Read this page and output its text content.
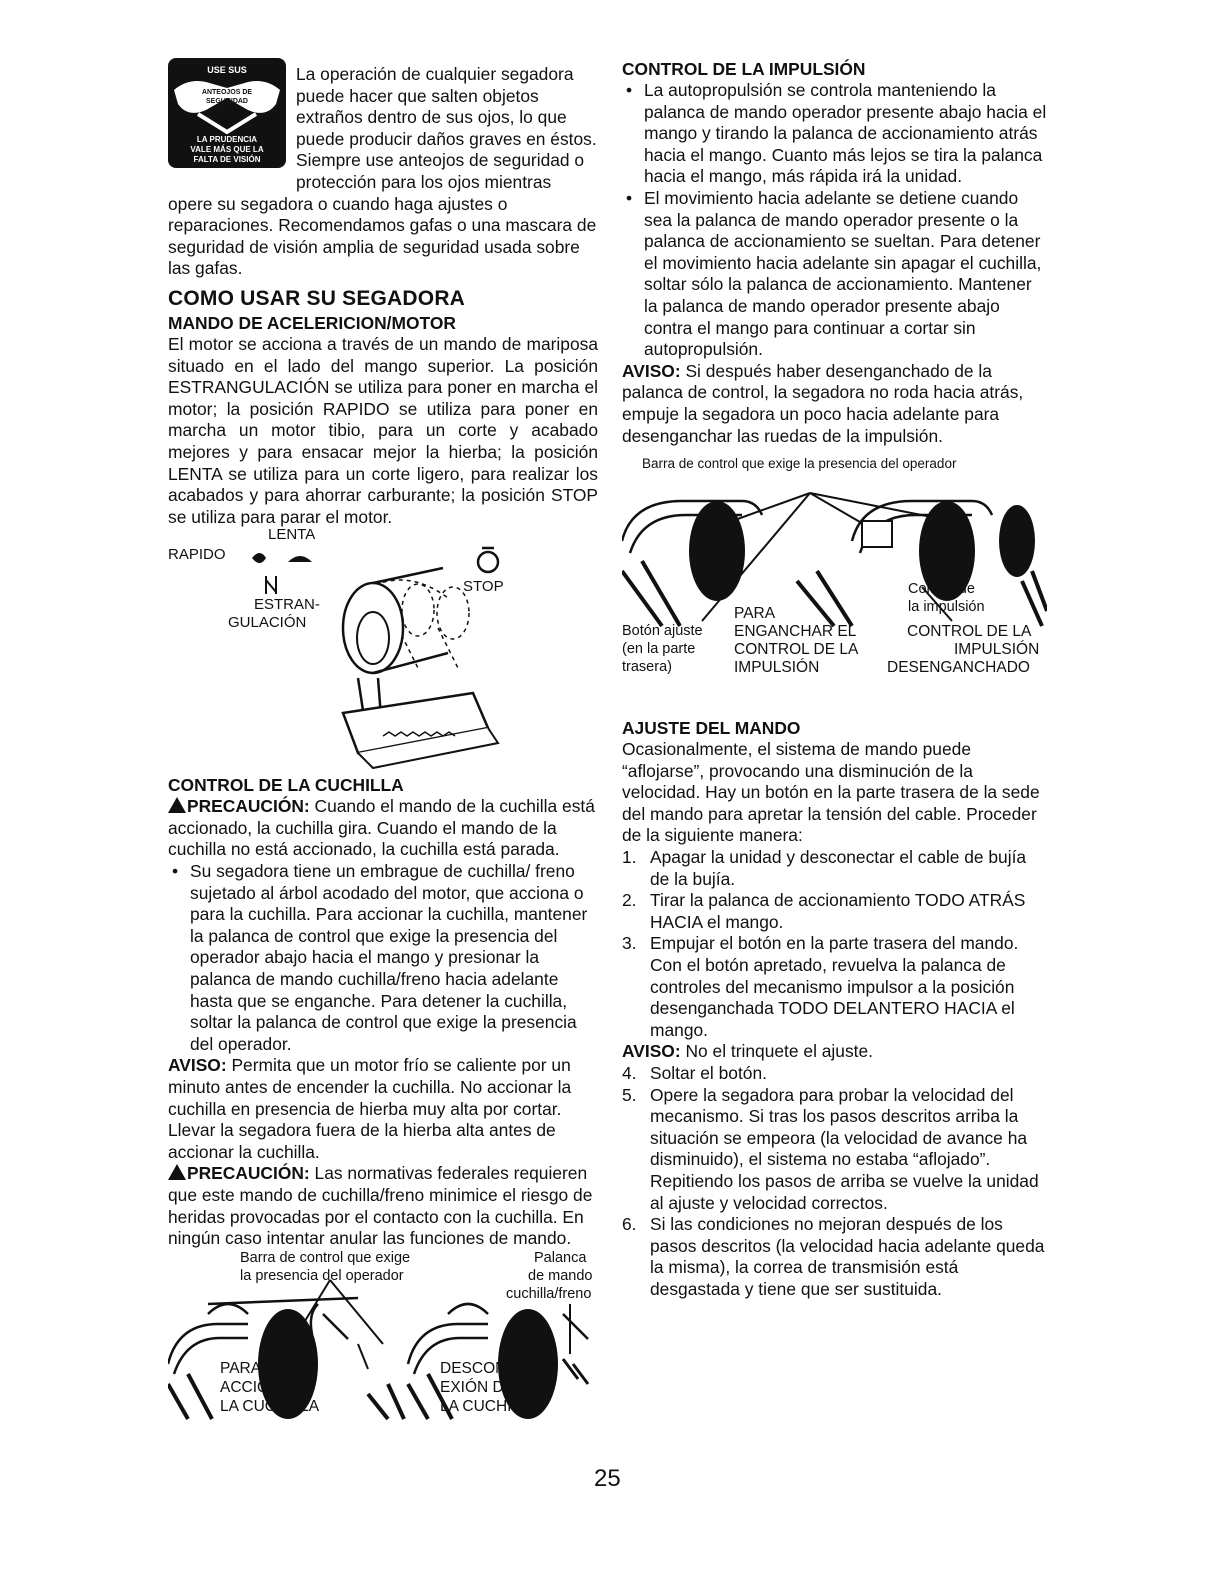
USE SUS
ANTEOJOS DE
SEGURIDAD
LA PRUDENCIA
VALE MÁS QUE LA
FALTA DE VISIÓN

La operación de cualquier segadora puede hacer que salten objetos extraños dentro de sus ojos, lo que puede producir daños graves en éstos. Siempre use anteojos de seguridad o protección para los ojos mientras opere su segadora o cuando haga ajustes o reparaciones. Recomendamos gafas o una mascara de seguridad de visión amplia de seguridad usada sobre las gafas.

COMO USAR SU SEGADORA
MANDO DE ACELERICION/MOTOR

El motor se acciona a través de un mando de mariposa situado en el lado del mango superior. La posición ESTRANGULACIÓN se utiliza para poner en marcha el motor; la posición RAPIDO se utiliza para poner en marcha un motor tibio, para un corte y acabado mejores y para ensacar mejor la hierba; la posición LENTA se utiliza para un corte ligero, para realizar los acabados y para ahorrar carburante; la posición STOP se utiliza para parar el motor.

LENTA
RAPIDO
STOP
ESTRAN-
GULACIÓN
CONTROL DE LA CUCHILLA

PRECAUCIÓN: Cuando el mando de la cuchilla está accionado, la cuchilla gira. Cuando el mando de la cuchilla no está accionado, la cuchilla está parada.

• Su segadora tiene un embrague de cuchilla/ freno sujetado al árbol acodado del motor, que acciona o para la cuchilla. Para accionar la cuchilla, mantener la palanca de control que exige la presencia del operador abajo hacia el mango y presionar la palanca de mando cuchilla/freno hacia adelante hasta que se enganche. Para detener la cuchilla, soltar la palanca de control que exige la presencia del operador.

AVISO: Permita que un motor frío se caliente por un minuto antes de encender la cuchilla. No accionar la cuchilla en presencia de hierba muy alta por cortar. Llevar la segadora fuera de la hierba alta antes de accionar la cuchilla.

PRECAUCIÓN: Las normativas federales requieren que este mando de cuchilla/freno minimice el riesgo de heridas provocadas por el contacto con la cuchilla. En ningún caso intentar anular las funciones de mando.

Barra de control que exige
la presencia del operador
Palanca
de mando
cuchilla/freno
PARA
ACCIONAR
LA CUCHILLA
DESCON-
EXIÓN DE
LA CUCHILLA
25
CONTROL DE LA IMPULSIÓN
• La autopropulsión se controla manteniendo la palanca de mando operador presente abajo hacia el mango y tirando la palanca de accionamiento atrás hacia el mango. Cuanto más lejos se tira la palanca hacia el mango, más rápida irá la unidad.
• El movimiento hacia adelante se detiene cuando sea la palanca de mando operador presente o la palanca de accionamiento se sueltan. Para detener el movimiento hacia adelante sin apagar el cuchilla, soltar sólo la palanca de accionamiento. Mantener la palanca de mando operador presente abajo contra el mango para continuar a cortar sin autopropulsión.

AVISO: Si después haber desenganchado de la palanca de control, la segadora no roda hacia atrás, empuje la segadora un poco hacia adelante para desenganchar las ruedas de la impulsión.

Barra de control que exige la presencia del operador
Control de
la impulsión
PARA
Botón ajuste
(en la parte
trasera)
ENGANCHAR EL
CONTROL DE LA
IMPULSIÓN
CONTROL DE LA
IMPULSIÓN
DESENGANCHADO
AJUSTE DEL MANDO

Ocasionalmente, el sistema de mando puede “aflojarse”, provocando una disminución de la velocidad. Hay un botón en la parte trasera de la sede del mando para apretar la tensión del cable. Proceder de la siguiente manera:

1. Apagar la unidad y desconectar el cable de bujía de la bujía.
2. Tirar la palanca de accionamiento TODO ATRÁS HACIA el mango.
3. Empujar el botón en la parte trasera del mando. Con el botón apretado, revuelva la palanca de controles del mecanismo impulsor a la posición desenganchada TODO DELANTERO HACIA el mango.

AVISO: No el trinquete el ajuste.

4. Soltar el botón.
5. Opere la segadora para probar la velocidad del mecanismo. Si tras los pasos descritos arriba la situación se empeora (la velocidad de avance ha disminuido), el sistema no estaba “aflojado”. Repitiendo los pasos de arriba se vuelve la unidad al ajuste y velocidad correctos.
6. Si las condiciones no mejoran después de los pasos descritos (la velocidad hacia adelante queda la misma), la correa de transmisión está desgastada y tiene que ser sustituida.
